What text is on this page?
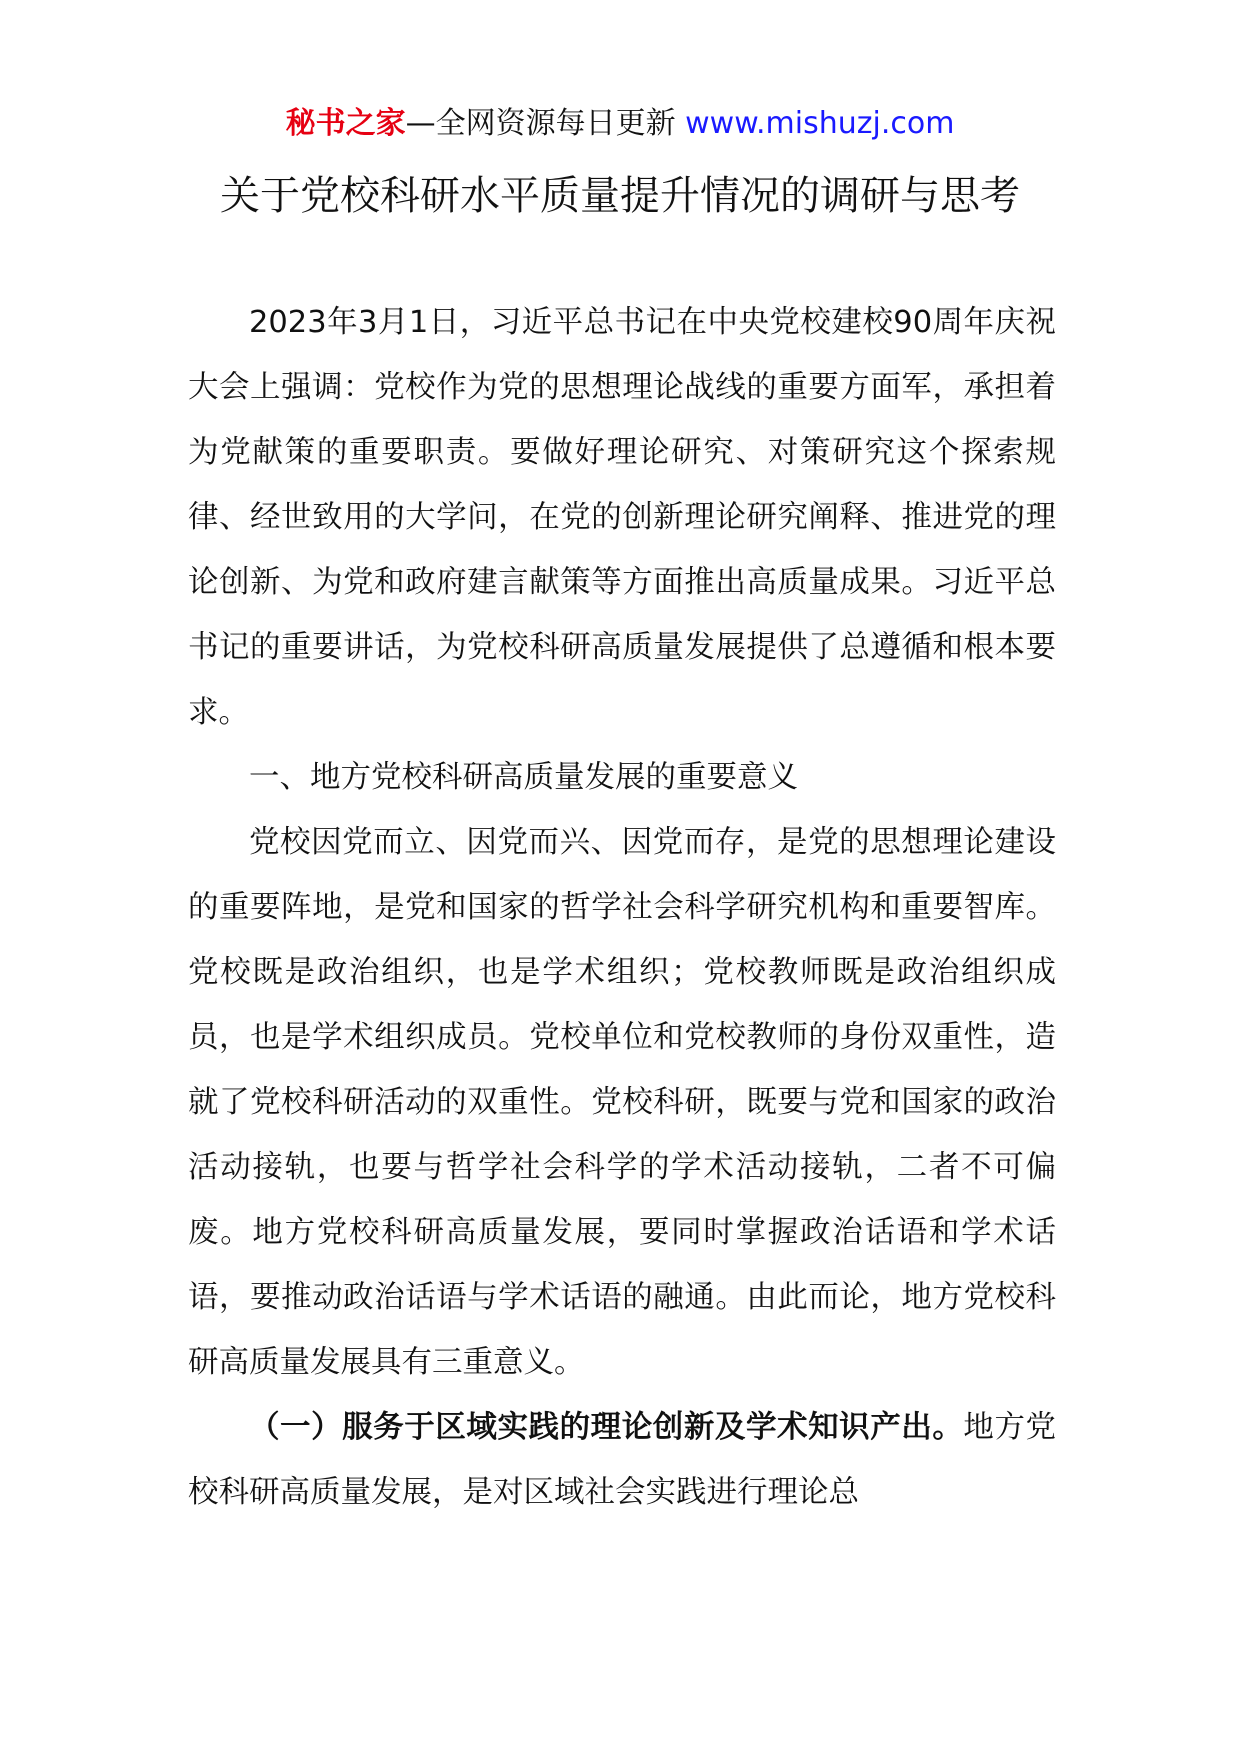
秘书之家—全网资源每日更新 www.mishuzj.com
关于党校科研水平质量提升情况的调研与思考

2023年3月1日，习近平总书记在中央党校建校90周年庆祝大会上强调：党校作为党的思想理论战线的重要方面军，承担着为党献策的重要职责。要做好理论研究、对策研究这个探索规律、经世致用的大学问，在党的创新理论研究阐释、推进党的理论创新、为党和政府建言献策等方面推出高质量成果。习近平总书记的重要讲话，为党校科研高质量发展提供了总遵循和根本要求。

一、地方党校科研高质量发展的重要意义

党校因党而立、因党而兴、因党而存，是党的思想理论建设的重要阵地，是党和国家的哲学社会科学研究机构和重要智库。党校既是政治组织，也是学术组织；党校教师既是政治组织成员，也是学术组织成员。党校单位和党校教师的身份双重性，造就了党校科研活动的双重性。党校科研，既要与党和国家的政治活动接轨，也要与哲学社会科学的学术活动接轨，二者不可偏废。地方党校科研高质量发展，要同时掌握政治话语和学术话语，要推动政治话语与学术话语的融通。由此而论，地方党校科研高质量发展具有三重意义。

（一）服务于区域实践的理论创新及学术知识产出。地方党校科研高质量发展，是对区域社会实践进行理论总
